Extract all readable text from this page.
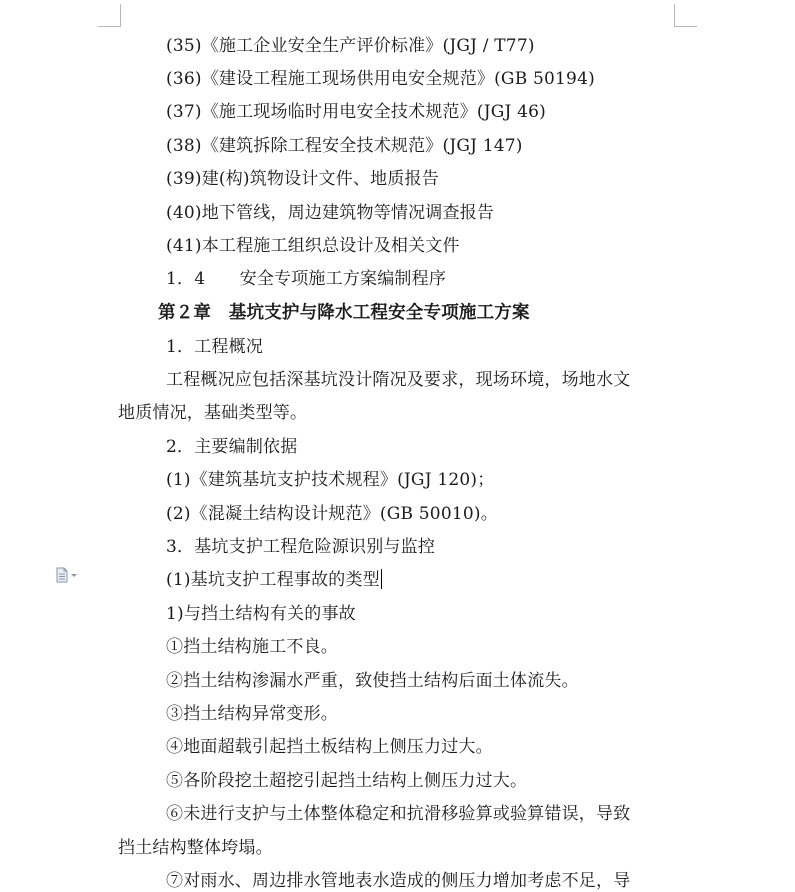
(35)《施工企业安全生产评价标准》(JGJ / T77)
(36)《建设工程施工现场供用电安全规范》(GB 50194)
(37)《施工现场临时用电安全技术规范》(JGJ 46)
(38)《建筑拆除工程安全技术规范》(JGJ 147)
(39)建(构)筑物设计文件、地质报告
(40)地下管线，周边建筑物等情况调查报告
(41)本工程施工组织总设计及相关文件
1．4　　安全专项施工方案编制程序
第２章　基坑支护与降水工程安全专项施工方案
1．工程概况
工程概况应包括深基坑没计隋况及要求，现场环境，场地水文
地质情况，基础类型等。
2．主要编制依据
(1)《建筑基坑支护技术规程》(JGJ 120)；
(2)《混凝土结构设计规范》(GB 50010)。
3．基坑支护工程危险源识别与监控
(1)基坑支护工程事故的类型
1)与挡土结构有关的事故
①挡土结构施工不良。
②挡土结构渗漏水严重，致使挡土结构后面土体流失。
③挡土结构异常变形。
④地面超载引起挡土板结构上侧压力过大。
⑤各阶段挖土超挖引起挡土结构上侧压力过大。
⑥未进行支护与土体整体稳定和抗滑移验算或验算错误，导致
挡土结构整体垮塌。
⑦对雨水、周边排水管地表水造成的侧压力增加考虑不足，导
